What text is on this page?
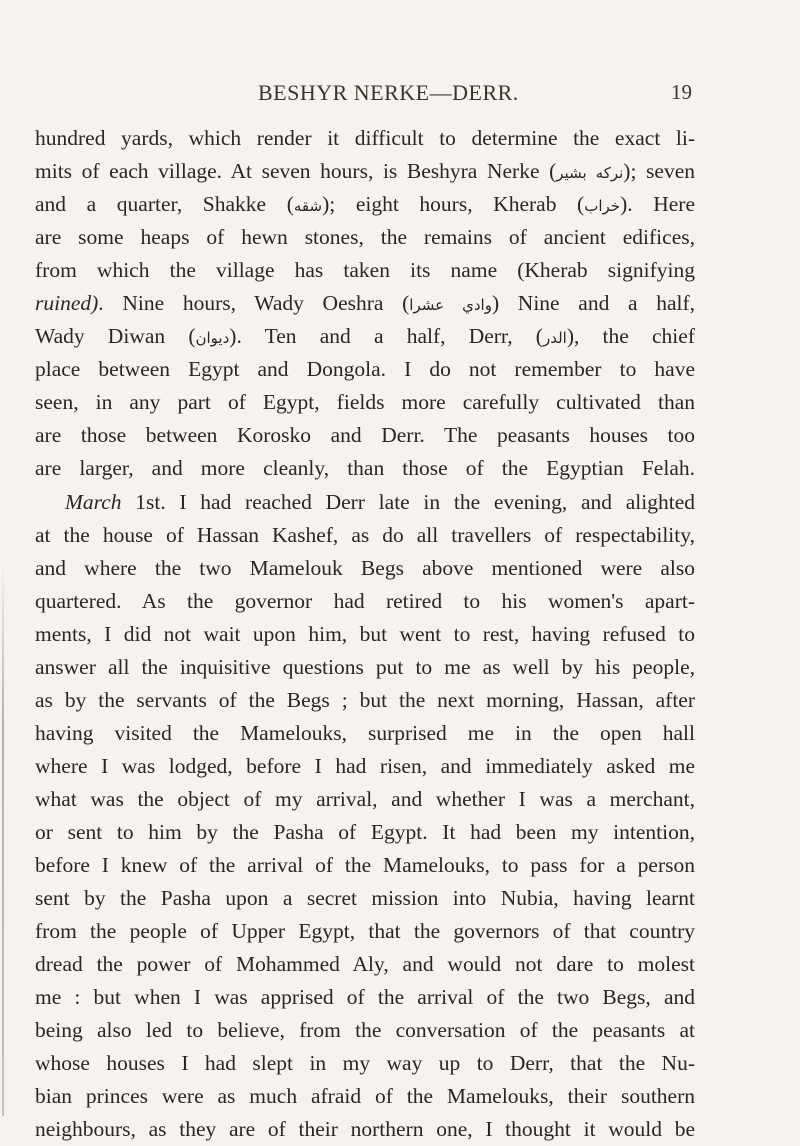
BESHYR NERKE—DERR.	19
hundred yards, which render it difficult to determine the exact li-
mits of each village. At seven hours, is Beshyra Nerke (نركه بشير); seven
and a quarter, Shakke (شقه); eight hours, Kherab (خراب). Here
are some heaps of hewn stones, the remains of ancient edifices,
from which the village has taken its name (Kherab signifying
ruined). Nine hours, Wady Oeshra (وادي عشرا) Nine and a half,
Wady Diwan (ديوان). Ten and a half, Derr, (الدر), the chief
place between Egypt and Dongola. I do not remember to have
seen, in any part of Egypt, fields more carefully cultivated than
are those between Korosko and Derr. The peasants houses too
are larger, and more cleanly, than those of the Egyptian Felah.
March 1st. I had reached Derr late in the evening, and alighted
at the house of Hassan Kashef, as do all travellers of respectability,
and where the two Mamelouk Begs above mentioned were also
quartered. As the governor had retired to his women's apart-
ments, I did not wait upon him, but went to rest, having refused to
answer all the inquisitive questions put to me as well by his people,
as by the servants of the Begs ; but the next morning, Hassan, after
having visited the Mamelouks, surprised me in the open hall
where I was lodged, before I had risen, and immediately asked me
what was the object of my arrival, and whether I was a merchant,
or sent to him by the Pasha of Egypt. It had been my intention,
before I knew of the arrival of the Mamelouks, to pass for a person
sent by the Pasha upon a secret mission into Nubia, having learnt
from the people of Upper Egypt, that the governors of that country
dread the power of Mohammed Aly, and would not dare to molest
me : but when I was apprised of the arrival of the two Begs, and
being also led to believe, from the conversation of the peasants at
whose houses I had slept in my way up to Derr, that the Nu-
bian princes were as much afraid of the Mamelouks, their southern
neighbours, as they are of their northern one, I thought it would be
